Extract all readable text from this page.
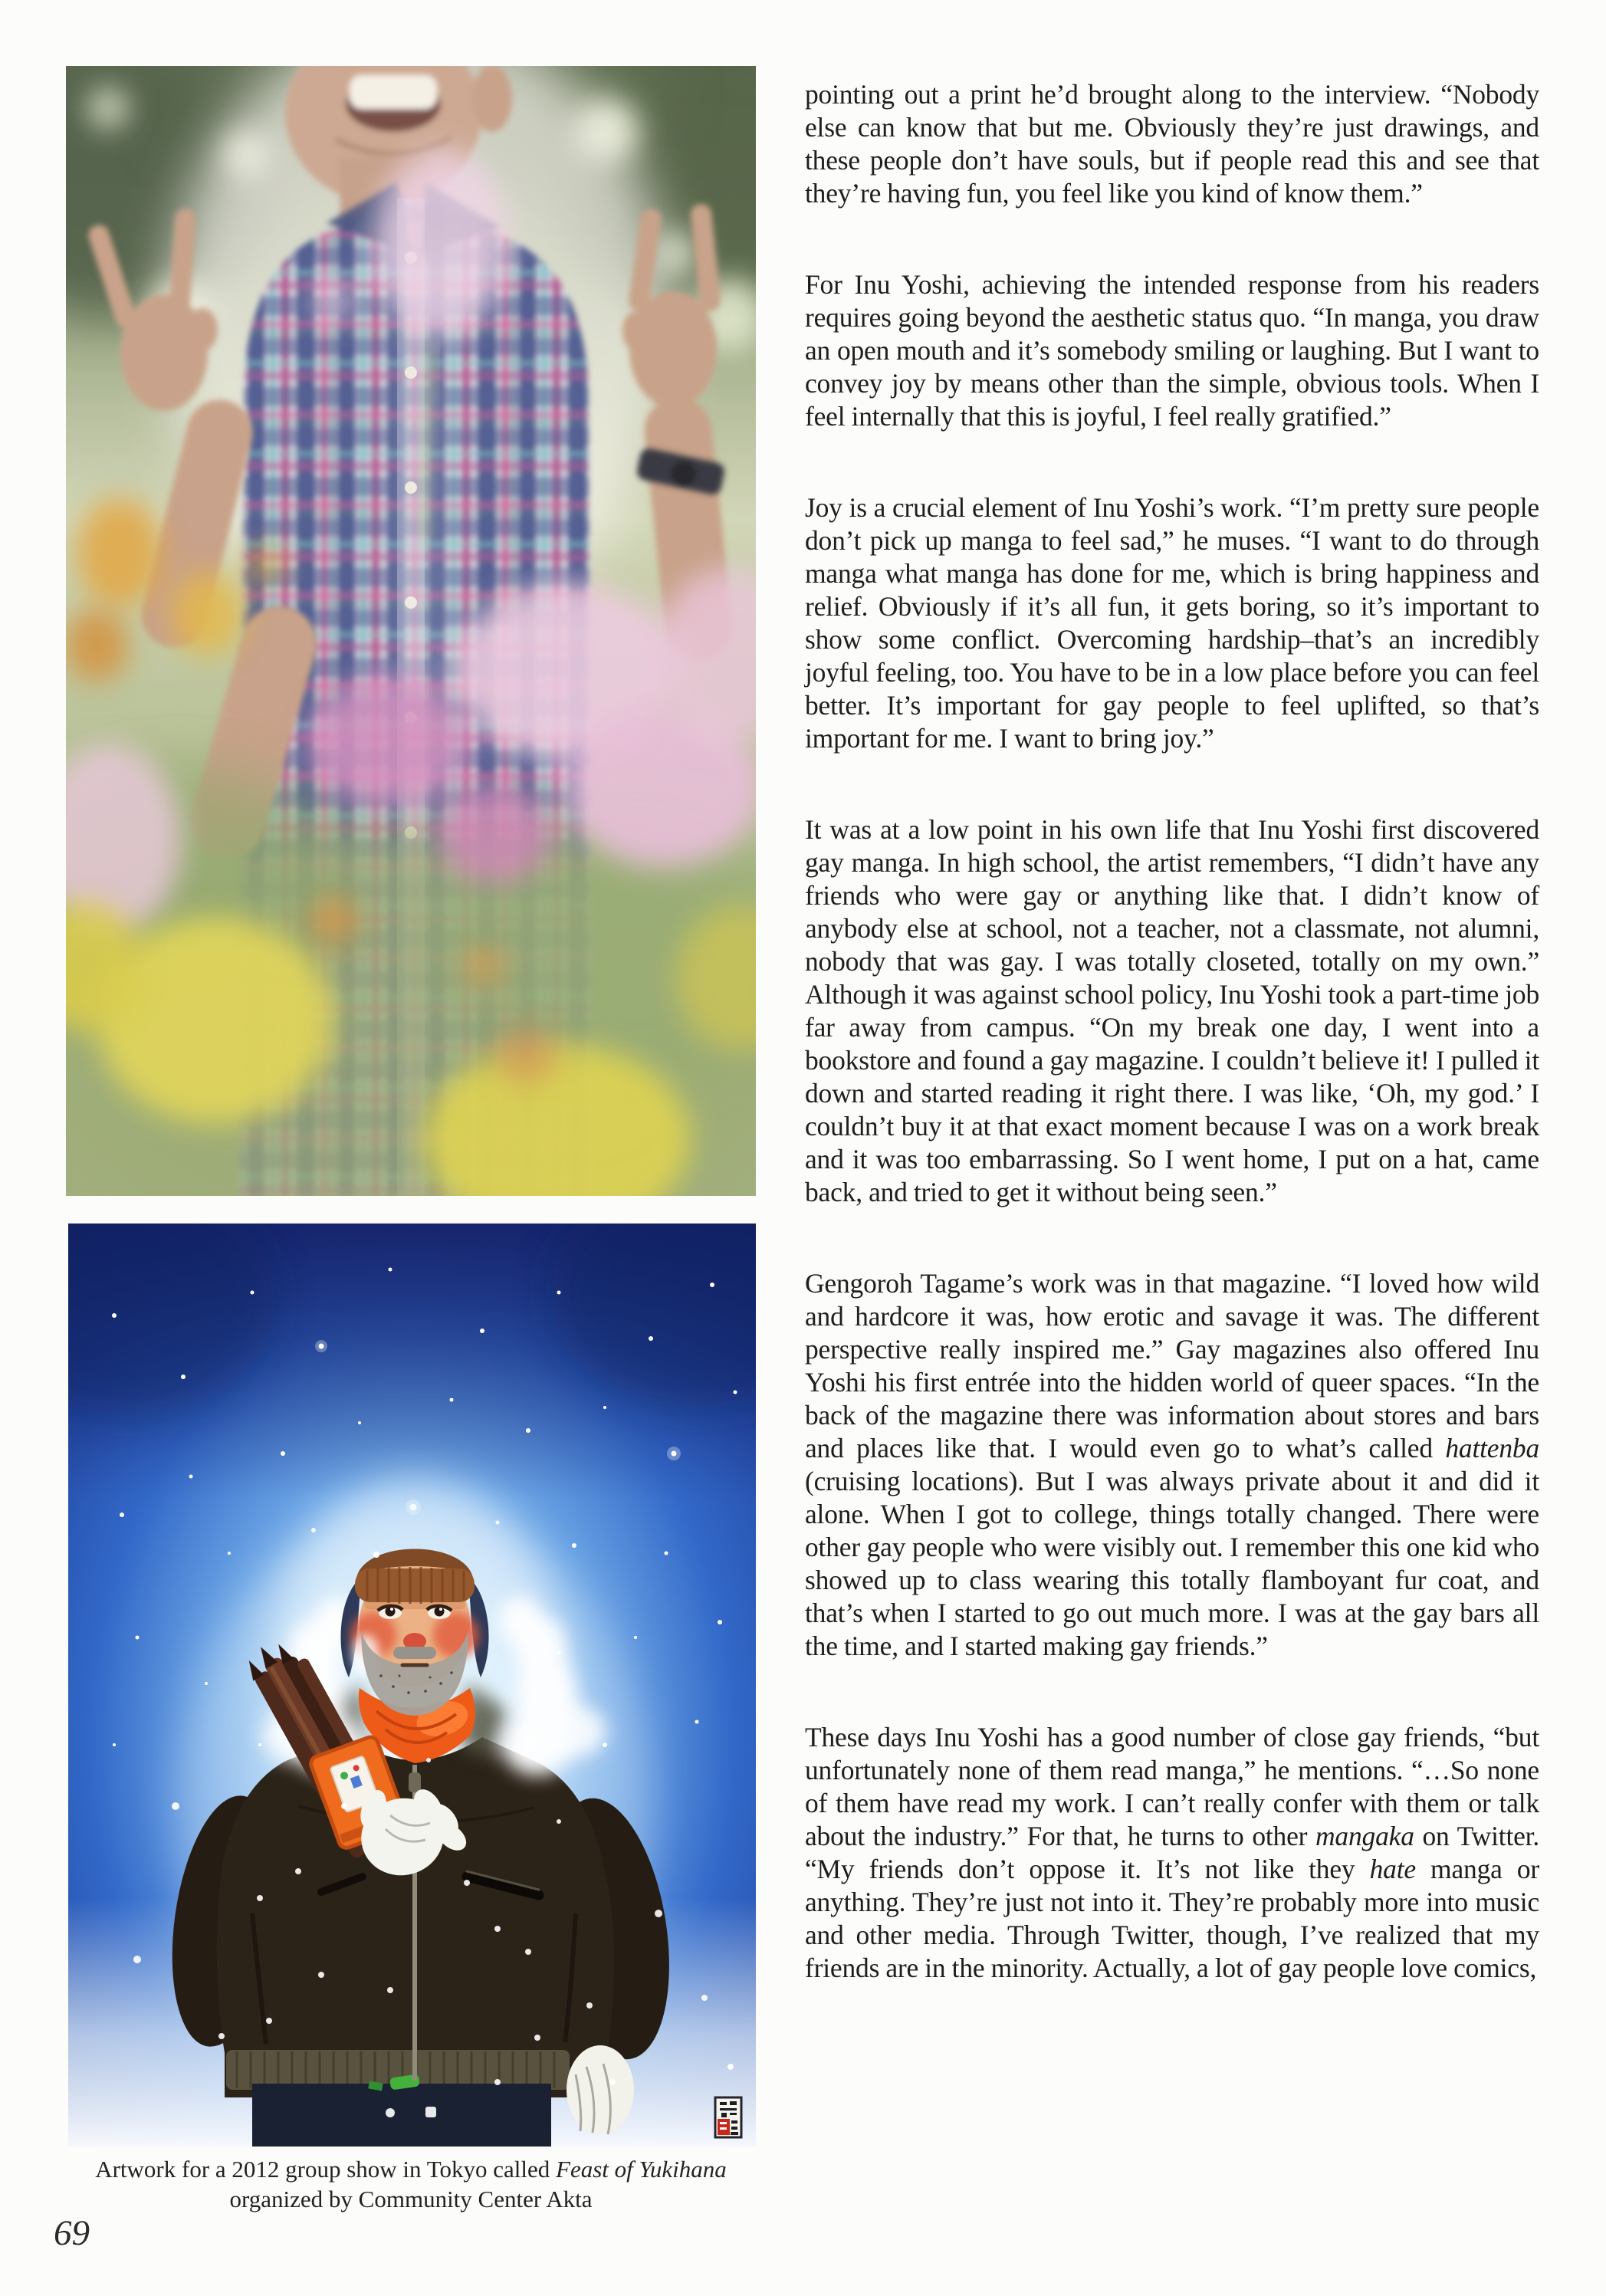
Artwork for a 2012 group show in Tokyo called Feast of Yukihana
organized by Community Center Akta
69

pointing out a print he’d brought along to the interview. “Nobody else can know that but me. Obviously they’re just drawings, and these people don’t have souls, but if people read this and see that they’re having fun, you feel like you kind of know them.”

For Inu Yoshi, achieving the intended response from his readers requires going beyond the aesthetic status quo. “In manga, you draw an open mouth and it’s somebody smiling or laughing. But I want to convey joy by means other than the simple, obvious tools. When I feel internally that this is joyful, I feel really gratified.”

Joy is a crucial element of Inu Yoshi’s work. “I’m pretty sure people don’t pick up manga to feel sad,” he muses. “I want to do through manga what manga has done for me, which is bring happiness and relief. Obviously if it’s all fun, it gets boring, so it’s important to show some conflict. Overcoming hardship–that’s an incredibly joyful feeling, too. You have to be in a low place before you can feel better. It’s important for gay people to feel uplifted, so that’s important for me. I want to bring joy.”

It was at a low point in his own life that Inu Yoshi first discovered gay manga. In high school, the artist remembers, “I didn’t have any friends who were gay or anything like that. I didn’t know of anybody else at school, not a teacher, not a classmate, not alumni, nobody that was gay. I was totally closeted, totally on my own.” Although it was against school policy, Inu Yoshi took a part-time job far away from campus. “On my break one day, I went into a bookstore and found a gay magazine. I couldn’t believe it! I pulled it down and started reading it right there. I was like, ‘Oh, my god.’ I couldn’t buy it at that exact moment because I was on a work break and it was too embarrassing. So I went home, I put on a hat, came back, and tried to get it without being seen.”

Gengoroh Tagame’s work was in that magazine. “I loved how wild and hardcore it was, how erotic and savage it was. The different perspective really inspired me.” Gay magazines also offered Inu Yoshi his first entrée into the hidden world of queer spaces. “In the back of the magazine there was information about stores and bars and places like that. I would even go to what’s called hattenba (cruising locations). But I was always private about it and did it alone. When I got to college, things totally changed. There were other gay people who were visibly out. I remember this one kid who showed up to class wearing this totally flamboyant fur coat, and that’s when I started to go out much more. I was at the gay bars all the time, and I started making gay friends.”

These days Inu Yoshi has a good number of close gay friends, “but unfortunately none of them read manga,” he mentions. “…So none of them have read my work. I can’t really confer with them or talk about the industry.” For that, he turns to other mangaka on Twitter. “My friends don’t oppose it. It’s not like they hate manga or anything. They’re just not into it. They’re probably more into music and other media. Through Twitter, though, I’ve realized that my friends are in the minority. Actually, a lot of gay people love comics,
